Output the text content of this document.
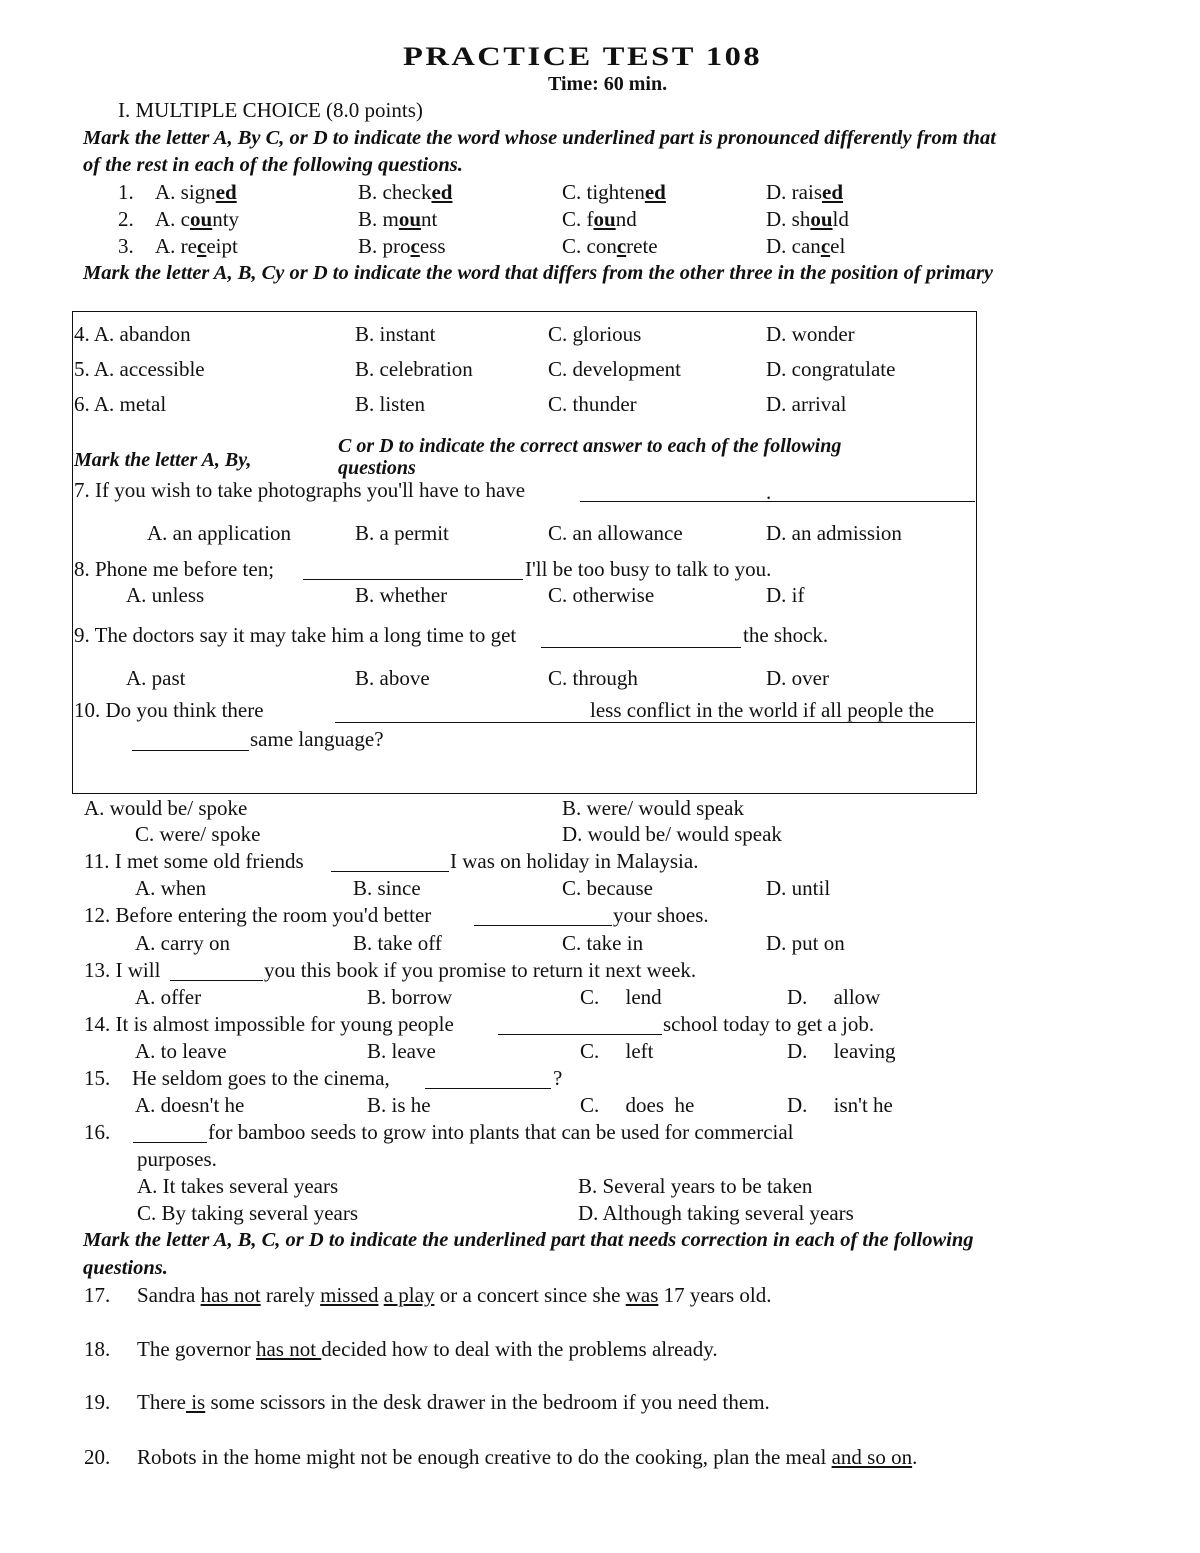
PRACTICE TEST 108
Time: 60 min.
I. MULTIPLE CHOICE (8.0 points)
Mark the letter A, By C, or D to indicate the word whose underlined part is pronounced differently from that
of the rest in each of the following questions.
1. A. signed	B. checked	C. tightened	D. raised
2. A. county	B. mount	C. found	D. should
3. A. receipt	B. process	C. concrete	D. cancel
Mark the letter A, B, Cy or D to indicate the word that differs from the other three in the position of primary
4. A. abandon	B. instant	C. glorious	D. wonder
5. A. accessible	B. celebration	C. development	D. congratulate
6. A. metal	B. listen	C. thunder	D. arrival
Mark the letter A, By,
C or D to indicate the correct answer to each of the following
questions
7. If you wish to take photographs you'll have to have	.
A. an application	B. a permit	C. an allowance	D. an admission
8. Phone me before ten;	I'll be too busy to talk to you.
A. unless	B. whether	C. otherwise	D. if
9. The doctors say it may take him a long time to get	the shock.
A. past	B. above	C. through	D. over
10. Do you think there	less conflict in the world if all people the
same language?
A. would be/ spoke	B. were/ would speak
C. were/ spoke	D. would be/ would speak
11. I met some old friends	I was on holiday in Malaysia.
A. when	B. since	C. because	D. until
12. Before entering the room you'd better	your shoes.
A. carry on	B. take off	C. take in	D. put on
13. I will	you this book if you promise to return it next week.
A. offer	B. borrow	C.     lend	D.     allow
14. It is almost impossible for young people	school today to get a job.
A. to leave	B. leave	C.     left	D.     leaving
15. He seldom goes to the cinema,	?
A. doesn't he	B. is he	C.     does  he	D.     isn't he
16.	for bamboo seeds to grow into plants that can be used for commercial
purposes.
A. It takes several years	B. Several years to be taken
C. By taking several years	D. Although taking several years
Mark the letter A, B, C, or D to indicate the underlined part that needs correction in each of the following
questions.
17. Sandra has not rarely missed a play or a concert since she was 17 years old.
18. The governor has not decided how to deal with the problems already.
19. There is some scissors in the desk drawer in the bedroom if you need them.
20. Robots in the home might not be enough creative to do the cooking, plan the meal and so on.
